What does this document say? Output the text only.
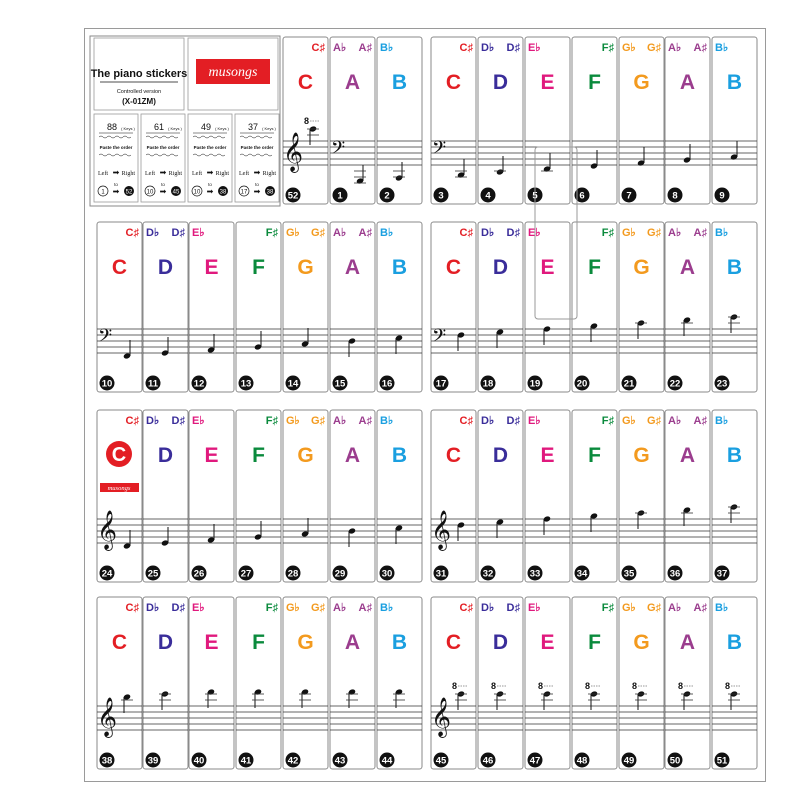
The piano stickers
Controlled version
(X-01ZM)
musongs
88 ( Keys )
Paste the order
Left ➡ Right
1
to
➡ 52
61 ( Keys )
Paste the order
Left ➡ Right
10
to
➡ 45
49 ( Keys )
Paste the order
Left ➡ Right
10
to
➡ 38
37 ( Keys )
Paste the order
Left ➡ Right
17
to
➡ 38
C♯
C
𝄞
8
52
A♭ A♯
A
𝄢
1
B♭
B
2
C♯
C
𝄢
3
D♭ D♯
D
4
E♭
E
5
F♯
F
6
G♭ G♯
G
7
A♭ A♯
A
8
B♭
B
9
C♯
C
𝄢
10
D♭ D♯
D
11
E♭
E
12
F♯
F
13
G♭ G♯
G
14
A♭ A♯
A
15
B♭
B
16
C♯
C
𝄢
17
D♭ D♯
D
18
E♭
E
19
F♯
F
20
G♭ G♯
G
21
A♭ A♯
A
22
B♭
B
23
C♯
C
musongs
𝄞
24
D♭ D♯
D
25
E♭
E
26
F♯
F
27
G♭ G♯
G
28
A♭ A♯
A
29
B♭
B
30
C♯
C
𝄞
31
D♭ D♯
D
32
E♭
E
33
F♯
F
34
G♭ G♯
G
35
A♭ A♯
A
36
B♭
B
37
C♯
C
𝄞
38
D♭ D♯
D
39
E♭
E
40
F♯
F
41
G♭ G♯
G
42
A♭ A♯
A
43
B♭
B
44
C♯
C
𝄞
8
45
D♭ D♯
D
8
46
E♭
E
8
47
F♯
F
8
48
G♭ G♯
G
8
49
A♭ A♯
A
8
50
B♭
B
8
51
